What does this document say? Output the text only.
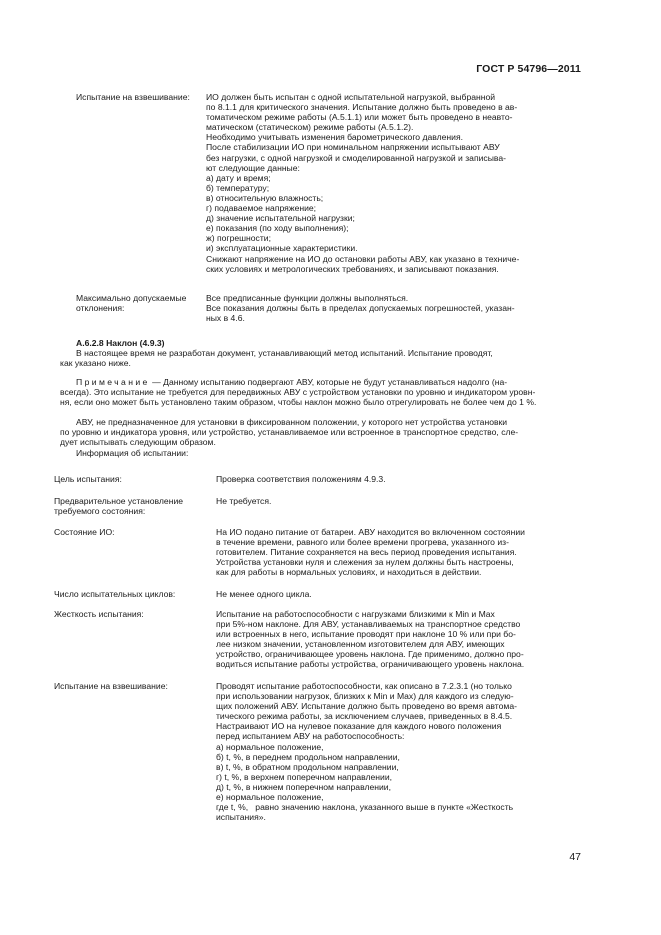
ГОСТ Р 54796—2011
Испытание на взвешивание: ИО должен быть испытан с одной испытательной нагрузкой, выбранной
по 8.1.1 для критического значения. Испытание должно быть проведено в ав-
томатическом режиме работы (А.5.1.1) или может быть проведено в неавто-
матическом (статическом) режиме работы (А.5.1.2).
Необходимо учитывать изменения барометрического давления.
После стабилизации ИО при номинальном напряжении испытывают АВУ
без нагрузки, с одной нагрузкой и смоделированной нагрузкой и записыва-
ют следующие данные:
а) дату и время;
б) температуру;
в) относительную влажность;
г) подаваемое напряжение;
д) значение испытательной нагрузки;
е) показания (по ходу выполнения);
ж) погрешности;
и) эксплуатационные характеристики.
Снижают напряжение на ИО до остановки работы АВУ, как указано в техниче-
ских условиях и метрологических требованиях, и записывают показания.
Максимально допускаемые
отклонения:
Все предписанные функции должны выполняться.
Все показания должны быть в пределах допускаемых погрешностей, указан-
ных в 4.6.
А.6.2.8 Наклон (4.9.3)
В настоящее время не разработан документ, устанавливающий метод испытаний. Испытание проводят,
как указано ниже.
Примечание — Данному испытанию подвергают АВУ, которые не будут устанавливаться надолго (на-
всегда). Это испытание не требуется для передвижных АВУ с устройством установки по уровню и индикатором уровн-
ня, если оно может быть установлено таким образом, чтобы наклон можно было отрегулировать не более чем до 1 %.
АВУ, не предназначенное для установки в фиксированном положении, у которого нет устройства установки
по уровню и индикатора уровня, или устройство, устанавливаемое или встроенное в транспортное средство, сле-
дует испытывать следующим образом.
Информация об испытании:
Цель испытания:	Проверка соответствия положениям 4.9.3.
Предварительное установление
требуемого состояния:
Не требуется.
Состояние ИО:	На ИО подано питание от батареи. АВУ находится во включенном состоянии
в течение времени, равного или более времени прогрева, указанного из-
готовителем. Питание сохраняется на весь период проведения испытания.
Устройства установки нуля и слежения за нулем должны быть настроены,
как для работы в нормальных условиях, и находиться в действии.
Число испытательных циклов:	Не менее одного цикла.
Жесткость испытания:	Испытание на работоспособности с нагрузками близкими к Min и Max
при 5%-ном наклоне. Для АВУ, устанавливаемых на транспортное средство
или встроенных в него, испытание проводят при наклоне 10 % или при бо-
лее низком значении, установленном изготовителем для АВУ, имеющих
устройство, ограничивающее уровень наклона. Где применимо, должно про-
водиться испытание работы устройства, ограничивающего уровень наклона.
Испытание на взвешивание:	Проводят испытание работоспособности, как описано в 7.2.3.1 (но только
при использовании нагрузок, близких к Min и Max) для каждого из следую-
щих положений АВУ. Испытание должно быть проведено во время автома-
тического режима работы, за исключением случаев, приведенных в 8.4.5.
Настраивают ИО на нулевое показание для каждого нового положения
перед испытанием АВУ на работоспособность:
а) нормальное положение,
б) t, %, в переднем продольном направлении,
в) t, %, в обратном продольном направлении,
г) t, %, в верхнем поперечном направлении,
д) t, %, в нижнем поперечном направлении,
е) нормальное положение,
где t, %,   равно значению наклона, указанного выше в пункте «Жесткость
испытания».
47
